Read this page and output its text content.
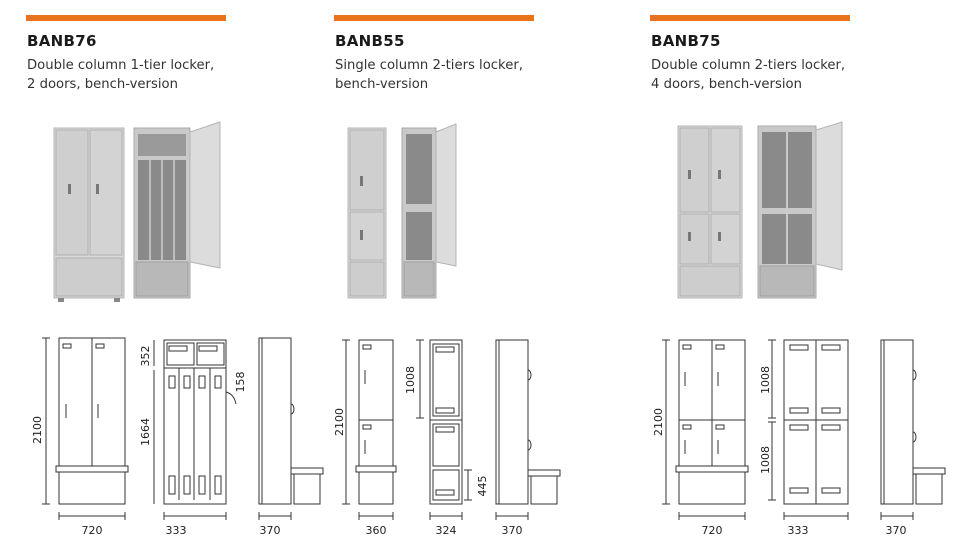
BANB76
Double column 1-tier locker,
2 doors, bench-version
2100
720
352
1664
158
333	370
BANB55
Single column 2-tiers locker,
bench-version
2100
360
1008
445
324	370
BANB75
Double column 2-tiers locker,
4 doors, bench-version
2100
720
1008
1008
333	370
